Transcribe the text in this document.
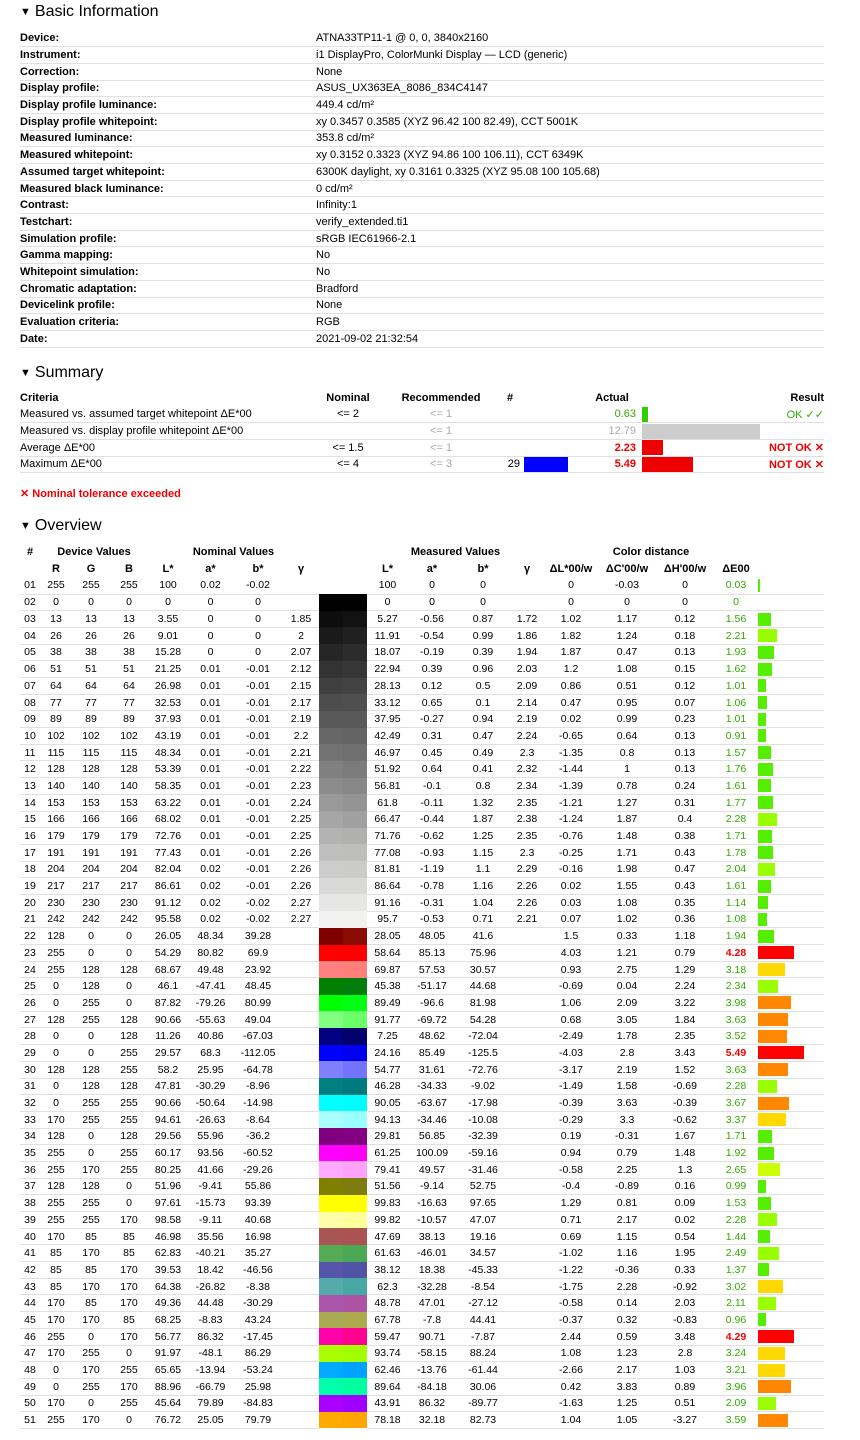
▼ Basic Information
Device:	ATNA33TP11-1 @ 0, 0, 3840x2160
Instrument:	i1 DisplayPro, ColorMunki Display — LCD (generic)
Correction:	None
Display profile:	ASUS_UX363EA_8086_834C4147
Display profile luminance:	449.4 cd/m²
Display profile whitepoint:	xy 0.3457 0.3585 (XYZ 96.42 100 82.49), CCT 5001K
Measured luminance:	353.8 cd/m²
Measured whitepoint:	xy 0.3152 0.3323 (XYZ 94.86 100 106.11), CCT 6349K
Assumed target whitepoint:	6300K daylight, xy 0.3161 0.3325 (XYZ 95.08 100 105.68)
Measured black luminance:	0 cd/m²
Contrast:	Infinity:1
Testchart:	verify_extended.ti1
Simulation profile:	sRGB IEC61966-2.1
Gamma mapping:	No
Whitepoint simulation:	No
Chromatic adaptation:	Bradford
Devicelink profile:	None
Evaluation criteria:	RGB
Date:	2021-09-02 21:32:54
▼ Summary
Criteria	Nominal	Recommended	#		Actual		Result
Measured vs. assumed target whitepoint ΔE*00	<= 2	<= 1			0.63		OK ✓✓
Measured vs. display profile whitepoint ΔE*00		<= 1			12.79	

Average ΔE*00	<= 1.5	<= 1			2.23		NOT OK ✕
Maximum ΔE*00	<= 4	<= 3	29		5.49		NOT OK ✕
✕ Nominal tolerance exceeded
▼ Overview
#	Device Values			Nominal Values						Measured Values				Color distance				
	R	G	B	L*	a*	b*	γ			L*	a*	b*	γ	ΔL*00/w	ΔC'00/w	ΔH'00/w	ΔE00	
01	255	255	255	100	0.02	-0.02				100	0	0		0	-0.03	0	0.03	
02	0	0	0	0	0	0				0	0	0		0	0	0	0	
03	13	13	13	3.55	0	0	1.85			5.27	-0.56	0.87	1.72	1.02	1.17	0.12	1.56	
04	26	26	26	9.01	0	0	2			11.91	-0.54	0.99	1.86	1.82	1.24	0.18	2.21	
05	38	38	38	15.28	0	0	2.07			18.07	-0.19	0.39	1.94	1.87	0.47	0.13	1.93	
06	51	51	51	21.25	0.01	-0.01	2.12			22.94	0.39	0.96	2.03	1.2	1.08	0.15	1.62	
07	64	64	64	26.98	0.01	-0.01	2.15			28.13	0.12	0.5	2.09	0.86	0.51	0.12	1.01	
08	77	77	77	32.53	0.01	-0.01	2.17			33.12	0.65	0.1	2.14	0.47	0.95	0.07	1.06	
09	89	89	89	37.93	0.01	-0.01	2.19			37.95	-0.27	0.94	2.19	0.02	0.99	0.23	1.01	
10	102	102	102	43.19	0.01	-0.01	2.2			42.49	0.31	0.47	2.24	-0.65	0.64	0.13	0.91	
11	115	115	115	48.34	0.01	-0.01	2.21			46.97	0.45	0.49	2.3	-1.35	0.8	0.13	1.57	
12	128	128	128	53.39	0.01	-0.01	2.22			51.92	0.64	0.41	2.32	-1.44	1	0.13	1.76	
13	140	140	140	58.35	0.01	-0.01	2.23			56.81	-0.1	0.8	2.34	-1.39	0.78	0.24	1.61	
14	153	153	153	63.22	0.01	-0.01	2.24			61.8	-0.11	1.32	2.35	-1.21	1.27	0.31	1.77	
15	166	166	166	68.02	0.01	-0.01	2.25			66.47	-0.44	1.87	2.38	-1.24	1.87	0.4	2.28	
16	179	179	179	72.76	0.01	-0.01	2.25			71.76	-0.62	1.25	2.35	-0.76	1.48	0.38	1.71	
17	191	191	191	77.43	0.01	-0.01	2.26			77.08	-0.93	1.15	2.3	-0.25	1.71	0.43	1.78	
18	204	204	204	82.04	0.02	-0.01	2.26			81.81	-1.19	1.1	2.29	-0.16	1.98	0.47	2.04	
19	217	217	217	86.61	0.02	-0.01	2.26			86.64	-0.78	1.16	2.26	0.02	1.55	0.43	1.61	
20	230	230	230	91.12	0.02	-0.02	2.27			91.16	-0.31	1.04	2.26	0.03	1.08	0.35	1.14	
21	242	242	242	95.58	0.02	-0.02	2.27			95.7	-0.53	0.71	2.21	0.07	1.02	0.36	1.08	
22	128	0	0	26.05	48.34	39.28				28.05	48.05	41.6		1.5	0.33	1.18	1.94	
23	255	0	0	54.29	80.82	69.9				58.64	85.13	75.96		4.03	1.21	0.79	4.28	
24	255	128	128	68.67	49.48	23.92				69.87	57.53	30.57		0.93	2.75	1.29	3.18	
25	0	128	0	46.1	-47.41	48.45				45.38	-51.17	44.68		-0.69	0.04	2.24	2.34	
26	0	255	0	87.82	-79.26	80.99				89.49	-96.6	81.98		1.06	2.09	3.22	3.98	
27	128	255	128	90.66	-55.63	49.04				91.77	-69.72	54.28		0.68	3.05	1.84	3.63	
28	0	0	128	11.26	40.86	-67.03				7.25	48.62	-72.04		-2.49	1.78	2.35	3.52	
29	0	0	255	29.57	68.3	-112.05				24.16	85.49	-125.5		-4.03	2.8	3.43	5.49	
30	128	128	255	58.2	25.95	-64.78				54.77	31.61	-72.76		-3.17	2.19	1.52	3.63	
31	0	128	128	47.81	-30.29	-8.96				46.28	-34.33	-9.02		-1.49	1.58	-0.69	2.28	
32	0	255	255	90.66	-50.64	-14.98				90.05	-63.67	-17.98		-0.39	3.63	-0.39	3.67	
33	170	255	255	94.61	-26.63	-8.64				94.13	-34.46	-10.08		-0.29	3.3	-0.62	3.37	
34	128	0	128	29.56	55.96	-36.2				29.81	56.85	-32.39		0.19	-0.31	1.67	1.71	
35	255	0	255	60.17	93.56	-60.52				61.25	100.09	-59.16		0.94	0.79	1.48	1.92	
36	255	170	255	80.25	41.66	-29.26				79.41	49.57	-31.46		-0.58	2.25	1.3	2.65	
37	128	128	0	51.96	-9.41	55.86				51.56	-9.14	52.75		-0.4	-0.89	0.16	0.99	
38	255	255	0	97.61	-15.73	93.39				99.83	-16.63	97.65		1.29	0.81	0.09	1.53	
39	255	255	170	98.58	-9.11	40.68				99.82	-10.57	47.07		0.71	2.17	0.02	2.28	
40	170	85	85	46.98	35.56	16.98				47.69	38.13	19.16		0.69	1.15	0.54	1.44	
41	85	170	85	62.83	-40.21	35.27				61.63	-46.01	34.57		-1.02	1.16	1.95	2.49	
42	85	85	170	39.53	18.42	-46.56				38.12	18.38	-45.33		-1.22	-0.36	0.33	1.37	
43	85	170	170	64.38	-26.82	-8.38				62.3	-32.28	-8.54		-1.75	2.28	-0.92	3.02	
44	170	85	170	49.36	44.48	-30.29				48.78	47.01	-27.12		-0.58	0.14	2.03	2.11	
45	170	170	85	68.25	-8.83	43.24				67.78	-7.8	44.41		-0.37	0.32	-0.83	0.96	
46	255	0	170	56.77	86.32	-17.45				59.47	90.71	-7.87		2.44	0.59	3.48	4.29	
47	170	255	0	91.97	-48.1	86.29				93.74	-58.15	88.24		1.08	1.23	2.8	3.24	
48	0	170	255	65.65	-13.94	-53.24				62.46	-13.76	-61.44		-2.66	2.17	1.03	3.21	
49	0	255	170	88.96	-66.79	25.98				89.64	-84.18	30.06		0.42	3.83	0.89	3.96	
50	170	0	255	45.64	79.89	-84.83				43.91	86.32	-89.77		-1.63	1.25	0.51	2.09	
51	255	170	0	76.72	25.05	79.79				78.18	32.18	82.73		1.04	1.05	-3.27	3.59	
